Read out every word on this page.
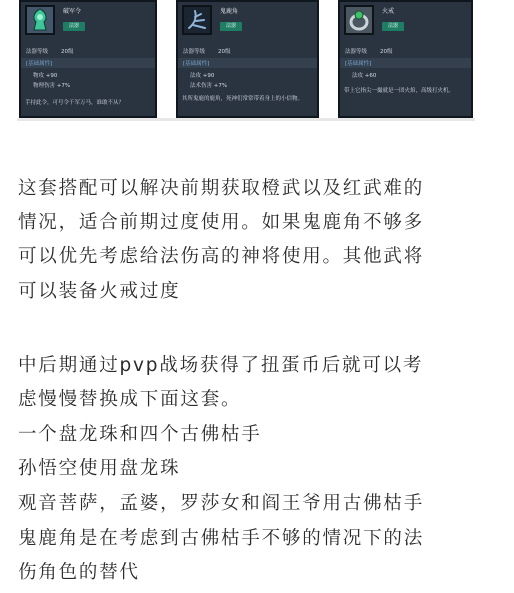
破军令
法器
法器等级 20级
[基础属性]
物攻 +90
物理伤害 +7%
手持此令，可号令千军万马，谁敢不从？
鬼鹿角
法器
法器等级 20级
[基础属性]
法攻 +90
法术伤害 +7%
其所鬼鹿的鹿角，死神们常常带着身上的小信物。
火戒
法器
法器等级 20级
[基础属性]
法攻 +60
带上它指尖一撮就是一团火焰，高级打火机。
这套搭配可以解决前期获取橙武以及红武难的
情况，适合前期过度使用。如果鬼鹿角不够多
可以优先考虑给法伤高的神将使用。其他武将
可以装备火戒过度
中后期通过pvp战场获得了扭蛋币后就可以考
虑慢慢替换成下面这套。
一个盘龙珠和四个古佛枯手
孙悟空使用盘龙珠
观音菩萨，孟婆，罗莎女和阎王爷用古佛枯手
鬼鹿角是在考虑到古佛枯手不够的情况下的法
伤角色的替代
